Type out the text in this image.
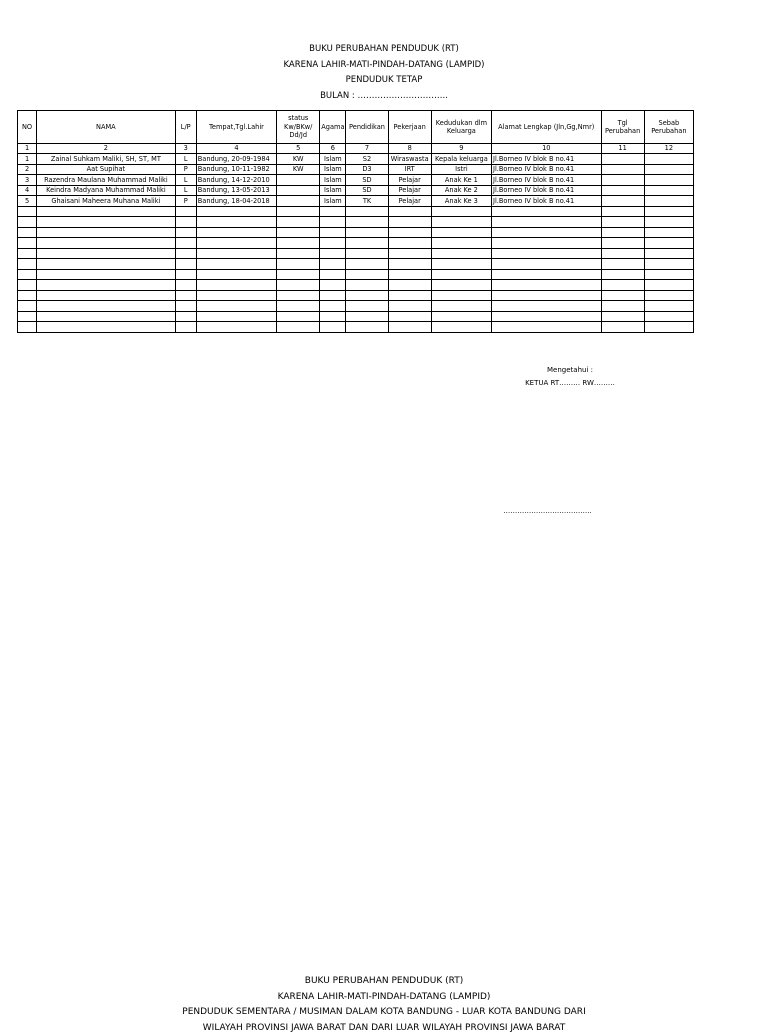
BUKU PERUBAHAN PENDUDUK (RT)
KARENA LAHIR-MATI-PINDAH-DATANG (LAMPID)
PENDUDUK TETAP
BULAN : …………………………..
NO	NAMA	L/P	Tempat,Tgl.Lahir	status Kw/BKw/ Dd/Jd	Agama	Pendidikan	Pekerjaan	Kedudukan dlm Keluarga	Alamat Lengkap (Jln,Gg,Nmr)	Tgl Perubahan	Sebab Perubahan
1	2	3	4	5	6	7	8	9	10	11	12
1	Zainal Suhkam Maliki, SH, ST, MT	L	Bandung, 20-09-1984	KW	Islam	S2	Wiraswasta	Kepala keluarga	Jl.Borneo IV blok B no.41		
2	Aat Supihat	P	Bandung, 10-11-1982	KW	Islam	D3	IRT	Istri	Jl.Borneo IV blok B no.41		
3	Razendra Maulana Muhammad Maliki	L	Bandung, 14-12-2010		Islam	SD	Pelajar	Anak Ke 1	Jl.Borneo IV blok B no.41		
4	Keindra Madyana Muhammad Maliki	L	Bandung, 13-05-2013		Islam	SD	Pelajar	Anak Ke 2	Jl.Borneo IV blok B no.41		
5	Ghaisani Maheera Muhana Maliki	P	Bandung, 18-04-2018		Islam	TK	Pelajar	Anak Ke 3	Jl.Borneo IV blok B no.41		

Mengetahui :
KETUA RT……… RW………
………………………………..
BUKU PERUBAHAN PENDUDUK (RT)
KARENA LAHIR-MATI-PINDAH-DATANG (LAMPID)
PENDUDUK SEMENTARA / MUSIMAN DALAM KOTA BANDUNG - LUAR KOTA BANDUNG DARI
WILAYAH PROVINSI JAWA BARAT DAN DARI LUAR WILAYAH PROVINSI JAWA BARAT
